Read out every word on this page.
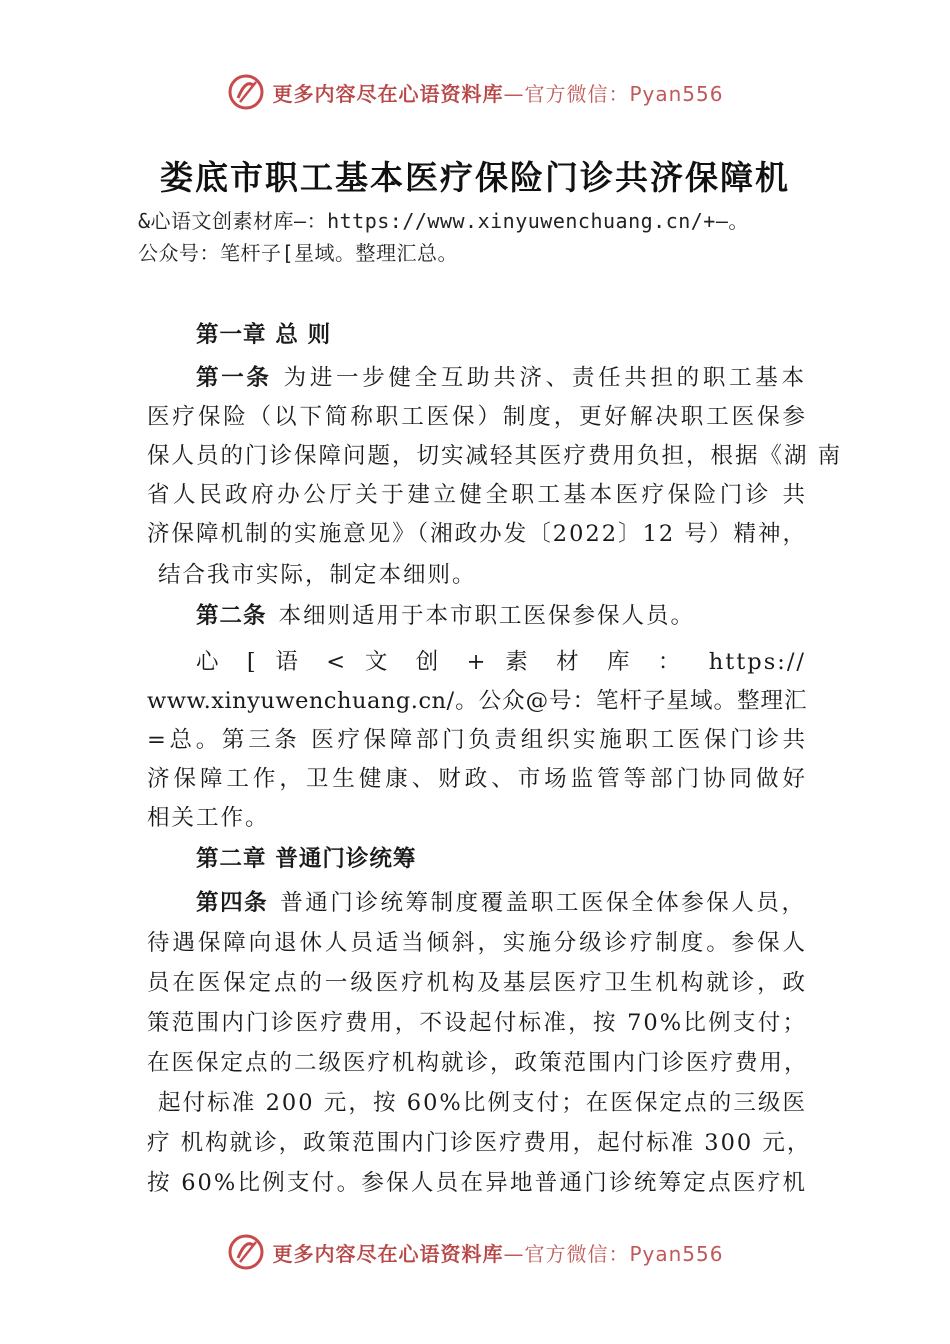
更多内容尽在心语资料库—官方微信：Pyan556
娄底市职工基本医疗保险门诊共济保障机
&心语文创素材库—：https://www.xinyuwenchuang.cn/+—。
公众号：笔杆子[星域。整理汇总。
第一章 总 则
第一条 为进一步健全互助共济、责任共担的职工基本
医疗保险（以下简称职工医保）制度，更好解决职工医保参
保人员的门诊保障问题，切实减轻其医疗费用负担，根据《湖 南
省人民政府办公厅关于建立健全职工基本医疗保险门诊 共
济保障机制的实施意见》（湘政办发〔2022〕12 号）精神，
结合我市实际，制定本细则。
第二条 本细则适用于本市职工医保参保人员。
心 [ 语 < 文 创 + 素 材 库 ： https://
www.xinyuwenchuang.cn/。公众@号：笔杆子星域。整理汇
=总。第三条 医疗保障部门负责组织实施职工医保门诊共
济保障工作，卫生健康、财政、市场监管等部门协同做好
相关工作。
第二章 普通门诊统筹
第四条 普通门诊统筹制度覆盖职工医保全体参保人员，
待遇保障向退休人员适当倾斜，实施分级诊疗制度。参保人
员在医保定点的一级医疗机构及基层医疗卫生机构就诊，政
策范围内门诊医疗费用，不设起付标准，按 70%比例支付；
在医保定点的二级医疗机构就诊，政策范围内门诊医疗费用，
起付标准 200 元，按 60%比例支付；在医保定点的三级医
疗 机构就诊，政策范围内门诊医疗费用，起付标准 300 元，
按 60%比例支付。参保人员在异地普通门诊统筹定点医疗机
更多内容尽在心语资料库—官方微信：Pyan556
